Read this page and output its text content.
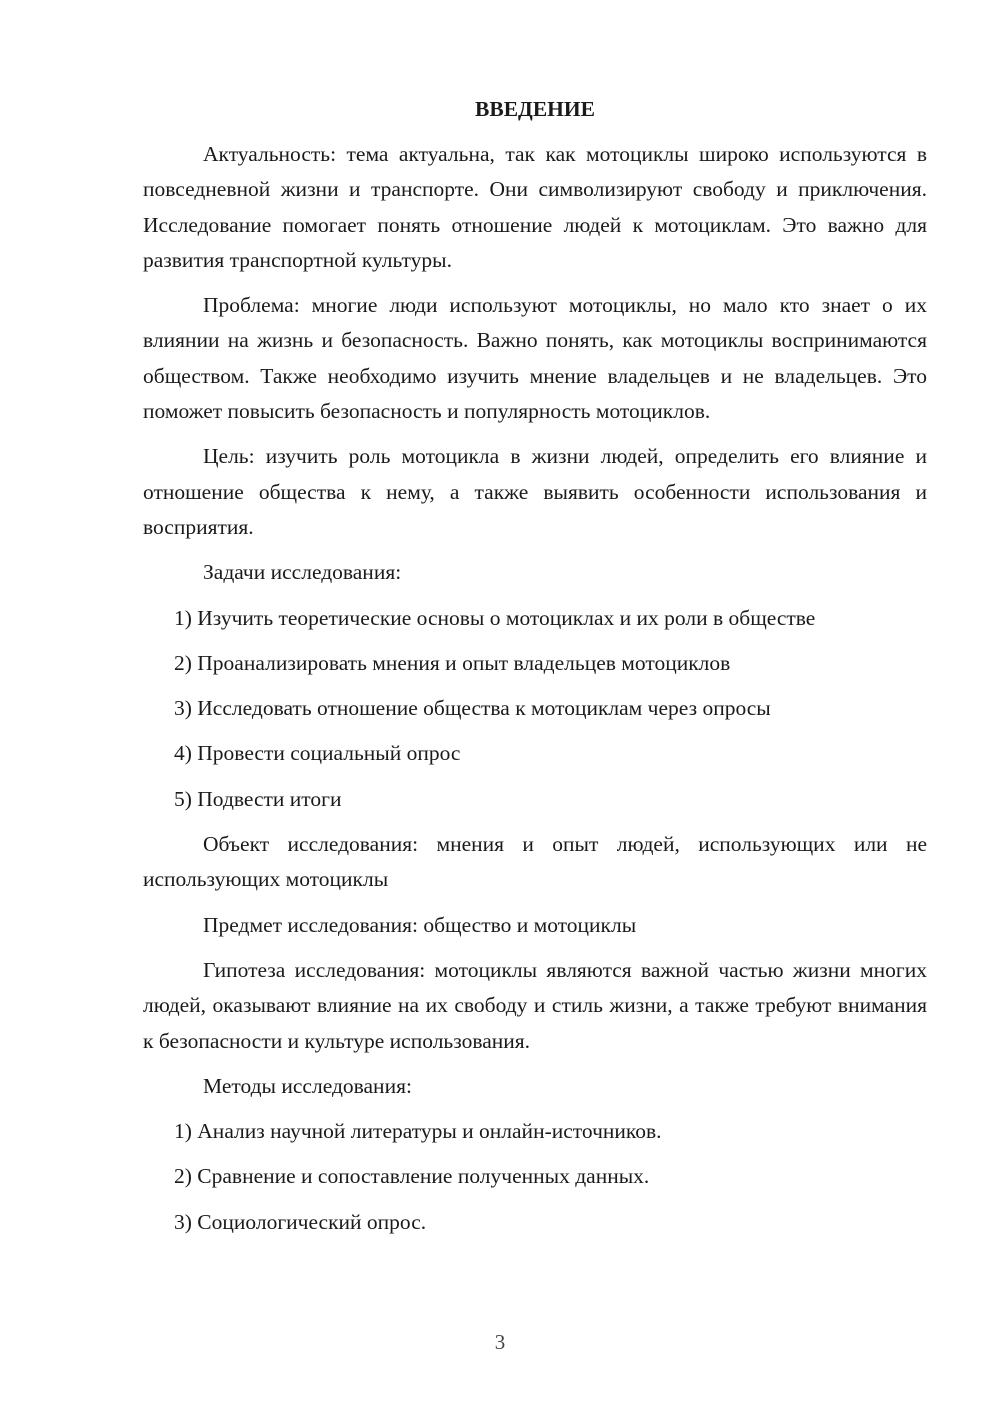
ВВЕДЕНИЕ

Актуальность: тема актуальна, так как мотоциклы широко используются в повседневной жизни и транспорте. Они символизируют свободу и приключения. Исследование помогает понять отношение людей к мотоциклам. Это важно для развития транспортной культуры.

Проблема: многие люди используют мотоциклы, но мало кто знает о их влиянии на жизнь и безопасность. Важно понять, как мотоциклы воспринимаются обществом. Также необходимо изучить мнение владельцев и не владельцев. Это поможет повысить безопасность и популярность мотоциклов.

Цель: изучить роль мотоцикла в жизни людей, определить его влияние и отношение общества к нему, а также выявить особенности использования и восприятия.

Задачи исследования:

1) Изучить теоретические основы о мотоциклах и их роли в обществе

2) Проанализировать мнения и опыт владельцев мотоциклов

3) Исследовать отношение общества к мотоциклам через опросы

4) Провести социальный опрос

5) Подвести итоги

Объект исследования: мнения и опыт людей, использующих или не использующих мотоциклы

Предмет исследования: общество и мотоциклы

Гипотеза исследования: мотоциклы являются важной частью жизни многих людей, оказывают влияние на их свободу и стиль жизни, а также требуют внимания к безопасности и культуре использования.

Методы исследования:

1) Анализ научной литературы и онлайн-источников.

2) Сравнение и сопоставление полученных данных.

3) Социологический опрос.

3
